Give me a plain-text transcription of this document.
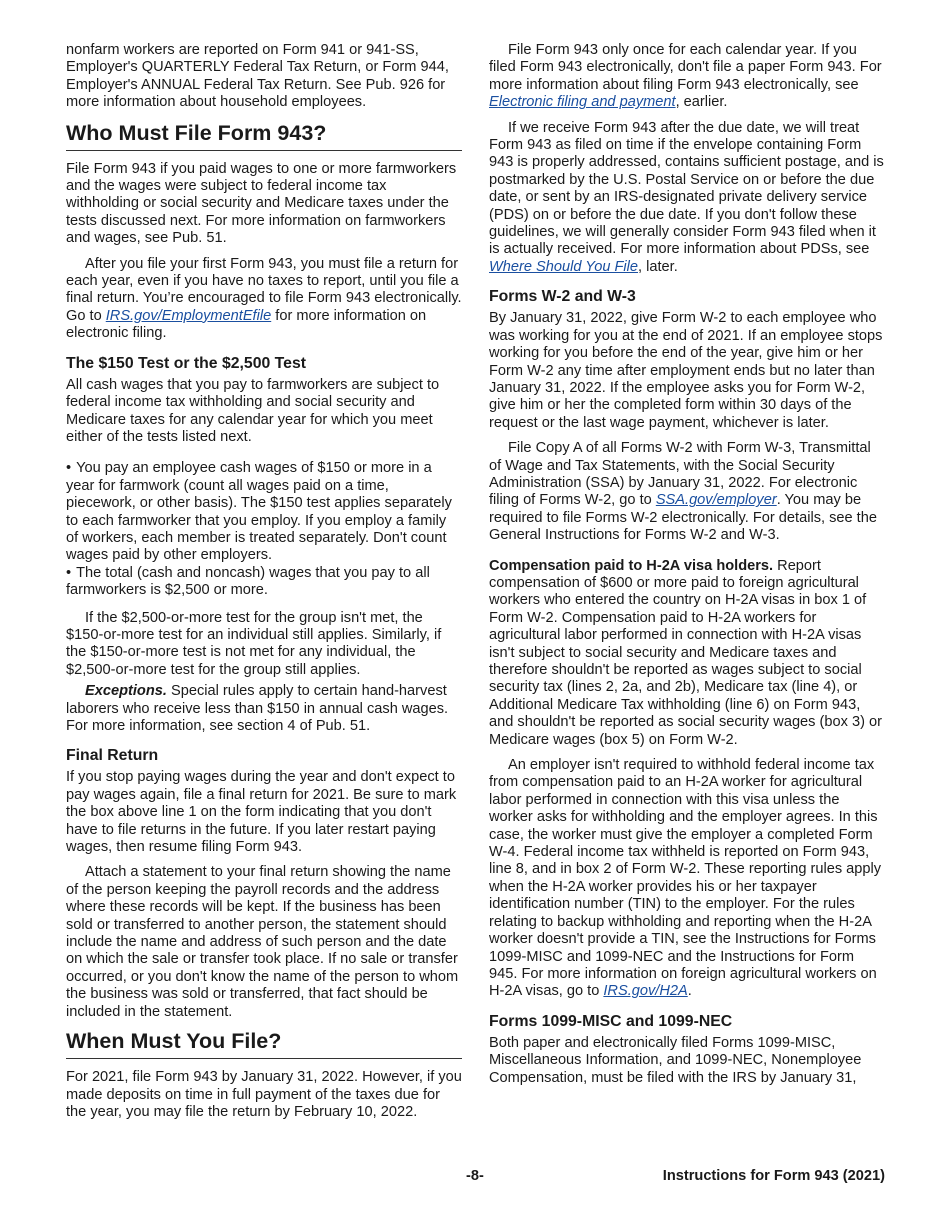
nonfarm workers are reported on Form 941 or 941-SS, Employer's QUARTERLY Federal Tax Return, or Form 944, Employer's ANNUAL Federal Tax Return. See Pub. 926 for more information about household employees.

Who Must File Form 943?

File Form 943 if you paid wages to one or more farmworkers and the wages were subject to federal income tax withholding or social security and Medicare taxes under the tests discussed next. For more information on farmworkers and wages, see Pub. 51.

After you file your first Form 943, you must file a return for each year, even if you have no taxes to report, until you file a final return. You’re encouraged to file Form 943 electronically. Go to IRS.gov/EmploymentEfile for more information on electronic filing.

The $150 Test or the $2,500 Test

All cash wages that you pay to farmworkers are subject to federal income tax withholding and social security and Medicare taxes for any calendar year for which you meet either of the tests listed next.

• You pay an employee cash wages of $150 or more in a year for farmwork (count all wages paid on a time, piecework, or other basis). The $150 test applies separately to each farmworker that you employ. If you employ a family of workers, each member is treated separately. Don't count wages paid by other employers.

• The total (cash and noncash) wages that you pay to all farmworkers is $2,500 or more.

If the $2,500-or-more test for the group isn't met, the $150-or-more test for an individual still applies. Similarly, if the $150-or-more test is not met for any individual, the $2,500-or-more test for the group still applies.

Exceptions. Special rules apply to certain hand-harvest laborers who receive less than $150 in annual cash wages. For more information, see section 4 of Pub. 51.

Final Return

If you stop paying wages during the year and don't expect to pay wages again, file a final return for 2021. Be sure to mark the box above line 1 on the form indicating that you don't have to file returns in the future. If you later restart paying wages, then resume filing Form 943.

Attach a statement to your final return showing the name of the person keeping the payroll records and the address where these records will be kept. If the business has been sold or transferred to another person, the statement should include the name and address of such person and the date on which the sale or transfer took place. If no sale or transfer occurred, or you don't know the name of the person to whom the business was sold or transferred, that fact should be included in the statement.

When Must You File?

For 2021, file Form 943 by January 31, 2022. However, if you made deposits on time in full payment of the taxes due for the year, you may file the return by February 10, 2022.

File Form 943 only once for each calendar year. If you filed Form 943 electronically, don't file a paper Form 943. For more information about filing Form 943 electronically, see Electronic filing and payment, earlier.

If we receive Form 943 after the due date, we will treat Form 943 as filed on time if the envelope containing Form 943 is properly addressed, contains sufficient postage, and is postmarked by the U.S. Postal Service on or before the due date, or sent by an IRS-designated private delivery service (PDS) on or before the due date. If you don't follow these guidelines, we will generally consider Form 943 filed when it is actually received. For more information about PDSs, see Where Should You File, later.

Forms W-2 and W-3

By January 31, 2022, give Form W-2 to each employee who was working for you at the end of 2021. If an employee stops working for you before the end of the year, give him or her Form W-2 any time after employment ends but no later than January 31, 2022. If the employee asks you for Form W-2, give him or her the completed form within 30 days of the request or the last wage payment, whichever is later.

File Copy A of all Forms W-2 with Form W-3, Transmittal of Wage and Tax Statements, with the Social Security Administration (SSA) by January 31, 2022. For electronic filing of Forms W-2, go to SSA.gov/employer. You may be required to file Forms W-2 electronically. For details, see the General Instructions for Forms W-2 and W-3.

Compensation paid to H-2A visa holders. Report compensation of $600 or more paid to foreign agricultural workers who entered the country on H-2A visas in box 1 of Form W-2. Compensation paid to H-2A workers for agricultural labor performed in connection with H-2A visas isn't subject to social security and Medicare taxes and therefore shouldn't be reported as wages subject to social security tax (lines 2, 2a, and 2b), Medicare tax (line 4), or Additional Medicare Tax withholding (line 6) on Form 943, and shouldn't be reported as social security wages (box 3) or Medicare wages (box 5) on Form W-2.

An employer isn't required to withhold federal income tax from compensation paid to an H-2A worker for agricultural labor performed in connection with this visa unless the worker asks for withholding and the employer agrees. In this case, the worker must give the employer a completed Form W-4. Federal income tax withheld is reported on Form 943, line 8, and in box 2 of Form W-2. These reporting rules apply when the H-2A worker provides his or her taxpayer identification number (TIN) to the employer. For the rules relating to backup withholding and reporting when the H-2A worker doesn't provide a TIN, see the Instructions for Forms 1099-MISC and 1099-NEC and the Instructions for Form 945. For more information on foreign agricultural workers on H-2A visas, go to IRS.gov/H2A.

Forms 1099-MISC and 1099-NEC

Both paper and electronically filed Forms 1099-MISC, Miscellaneous Information, and 1099-NEC, Nonemployee Compensation, must be filed with the IRS by January 31,

-8-	Instructions for Form 943 (2021)
